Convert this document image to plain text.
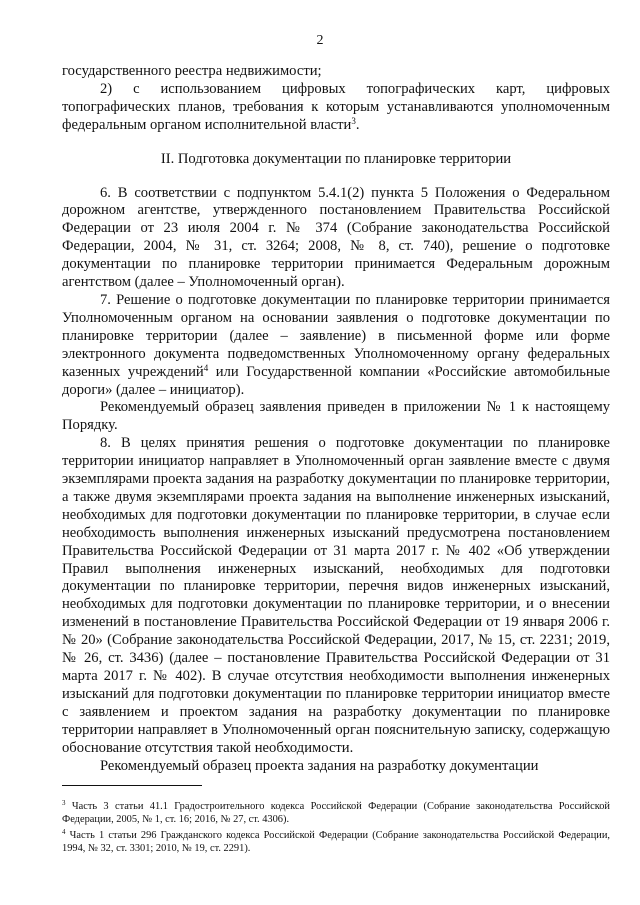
2

государственного реестра недвижимости;

2) с использованием цифровых топографических карт, цифровых топографических планов, требования к которым устанавливаются уполномоченным федеральным органом исполнительной власти$^3$.

II. Подготовка документации по планировке территории

6. В соответствии с подпунктом 5.4.1(2) пункта 5 Положения о Федеральном дорожном агентстве, утвержденного постановлением Правительства Российской Федерации от 23 июля 2004 г. № 374 (Собрание законодательства Российской Федерации, 2004, № 31, ст. 3264; 2008, № 8, ст. 740), решение о подготовке документации по планировке территории принимается Федеральным дорожным агентством (далее – Уполномоченный орган).

7. Решение о подготовке документации по планировке территории принимается Уполномоченным органом на основании заявления о подготовке документации по планировке территории (далее – заявление) в письменной форме или форме электронного документа подведомственных Уполномоченному органу федеральных казенных учреждений$^4$ или Государственной компании «Российские автомобильные дороги» (далее – инициатор).

Рекомендуемый образец заявления приведен в приложении № 1 к настоящему Порядку.

8. В целях принятия решения о подготовке документации по планировке территории инициатор направляет в Уполномоченный орган заявление вместе с двумя экземплярами проекта задания на разработку документации по планировке территории, а также двумя экземплярами проекта задания на выполнение инженерных изысканий, необходимых для подготовки документации по планировке территории, в случае если необходимость выполнения инженерных изысканий предусмотрена постановлением Правительства Российской Федерации от 31 марта 2017 г. № 402 «Об утверждении Правил выполнения инженерных изысканий, необходимых для подготовки документации по планировке территории, перечня видов инженерных изысканий, необходимых для подготовки документации по планировке территории, и о внесении изменений в постановление Правительства Российской Федерации от 19 января 2006 г. № 20» (Собрание законодательства Российской Федерации, 2017, № 15, ст. 2231; 2019, № 26, ст. 3436) (далее – постановление Правительства Российской Федерации от 31 марта 2017 г. № 402). В случае отсутствия необходимости выполнения инженерных изысканий для подготовки документации по планировке территории инициатор вместе с заявлением и проектом задания на разработку документации по планировке территории направляет в Уполномоченный орган пояснительную записку, содержащую обоснование отсутствия такой необходимости.

Рекомендуемый образец проекта задания на разработку документации

$^3$ Часть 3 статьи 41.1 Градостроительного кодекса Российской Федерации (Собрание законодательства Российской Федерации, 2005, № 1, ст. 16; 2016, № 27, ст. 4306).

$^4$ Часть 1 статьи 296 Гражданского кодекса Российской Федерации (Собрание законодательства Российской Федерации, 1994, № 32, ст. 3301; 2010, № 19, ст. 2291).
